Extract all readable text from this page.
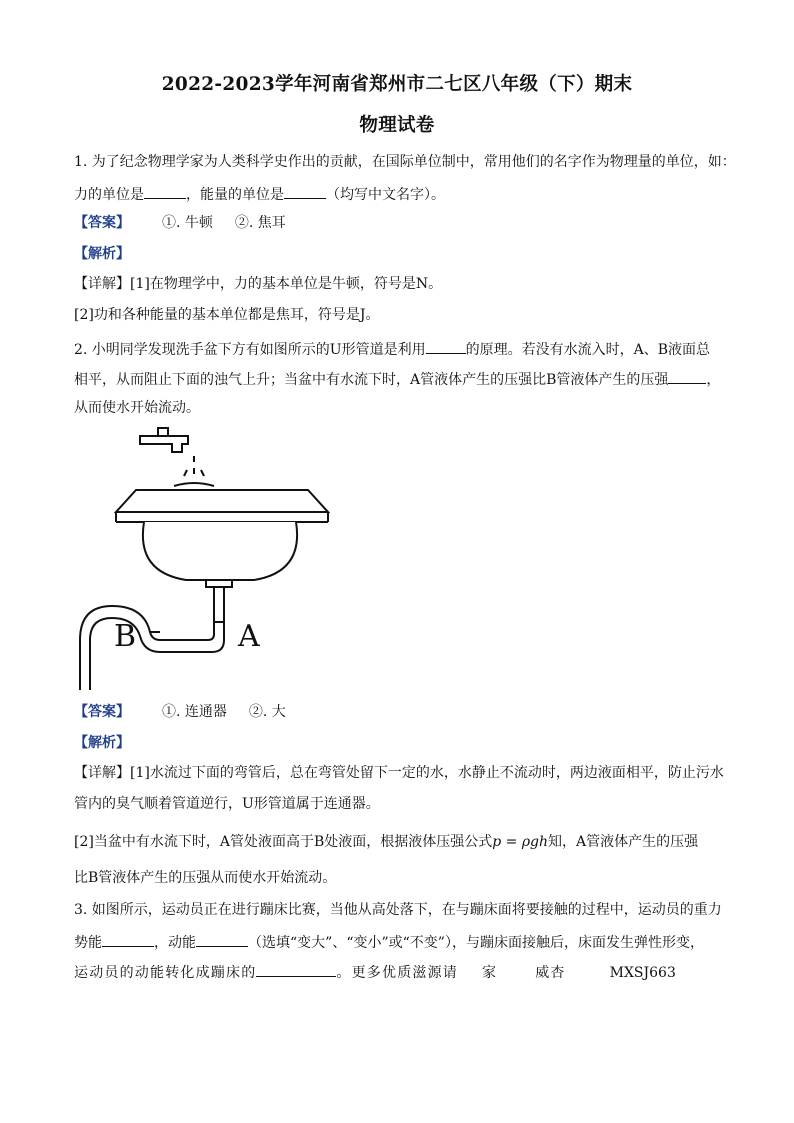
2022-2023学年河南省郑州市二七区八年级（下）期末
物理试卷
1. 为了纪念物理学家为人类科学史作出的贡献，在国际单位制中，常用他们的名字作为物理量的单位，如：
力的单位是	，能量的单位是	（均写中文名字）。
【答案】 ①. 牛顿 ②. 焦耳
【解析】
【详解】[1]在物理学中，力的基本单位是牛顿，符号是N。
[2]功和各种能量的基本单位都是焦耳，符号是J。
2. 小明同学发现洗手盆下方有如图所示的U形管道是利用	的原理。若没有水流入时，A、B液面总
相平，从而阻止下面的浊气上升；当盆中有水流下时，A管液体产生的压强比B管液体产生的压强	，
从而使水开始流动。
B	A
【答案】 ①. 连通器 ②. 大
【解析】
【详解】[1]水流过下面的弯管后，总在弯管处留下一定的水，水静止不流动时，两边液面相平，防止污水
管内的臭气顺着管道逆行，U形管道属于连通器。
[2]当盆中有水流下时，A管处液面高于B处液面，根据液体压强公式p = ρgh知，A管液体产生的压强
比B管液体产生的压强从而使水开始流动。
3. 如图所示，运动员正在进行蹦床比赛，当他从高处落下，在与蹦床面将要接触的过程中，运动员的重力
势能	，动能	（选填“变大”、“变小”或“不变”），与蹦床面接触后，床面发生弹性形变，
运动员的动能转化成蹦床的	。更多优质滋源请 家	威杏	MXSJ663
